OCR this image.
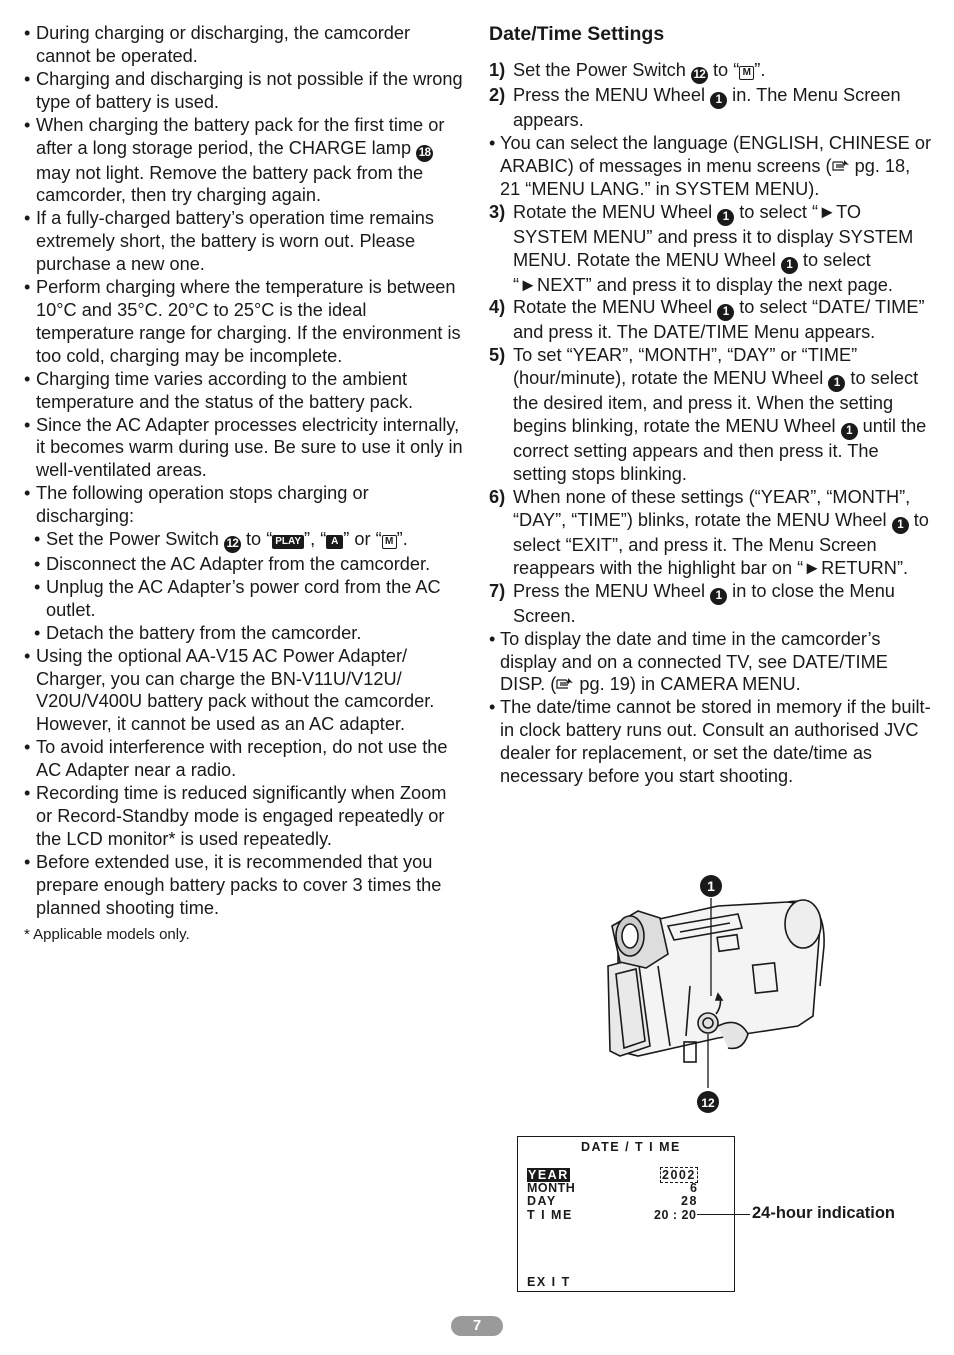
• During charging or discharging, the camcorder cannot be operated.
• Charging and discharging is not possible if the wrong type of battery is used.
• When charging the battery pack for the first time or after a long storage period, the CHARGE lamp 18 may not light. Remove the battery pack from the camcorder, then try charging again.
• If a fully-charged battery’s operation time remains extremely short, the battery is worn out. Please purchase a new one.
• Perform charging where the temperature is between 10°C and 35°C. 20°C to 25°C is the ideal temperature range for charging. If the environment is too cold, charging may be incomplete.
• Charging time varies according to the ambient temperature and the status of the battery pack.
• Since the AC Adapter processes electricity internally, it becomes warm during use. Be sure to use it only in well-ventilated areas.
• The following operation stops charging or discharging:
• Set the Power Switch 12 to “ PLAY ”, “ A ” or “ M ”.
• Disconnect the AC Adapter from the camcorder.
• Unplug the AC Adapter’s power cord from the AC outlet.
• Detach the battery from the camcorder.
• Using the optional AA-V15 AC Power Adapter/ Charger, you can charge the BN-V11U/V12U/ V20U/V400U battery pack without the camcorder. However, it cannot be used as an AC adapter.
• To avoid interference with reception, do not use the AC Adapter near a radio.
• Recording time is reduced significantly when Zoom or Record-Standby mode is engaged repeatedly or the LCD monitor* is used repeatedly.
• Before extended use, it is recommended that you prepare enough battery packs to cover 3 times the planned shooting time.
* Applicable models only.
Date/Time Settings
1) Set the Power Switch 12 to “ M ”.
2) Press the MENU Wheel 1 in. The Menu Screen appears.
• You can select the language (ENGLISH, CHINESE or ARABIC) of messages in menu screens ( pg. 18, 21 “MENU LANG.” in SYSTEM MENU).
3) Rotate the MENU Wheel 1 to select “►TO SYSTEM MENU” and press it to display SYSTEM MENU. Rotate the MENU Wheel 1 to select “►NEXT” and press it to display the next page.
4) Rotate the MENU Wheel 1 to select “DATE/ TIME” and press it. The DATE/TIME Menu appears.
5) To set “YEAR”, “MONTH”, “DAY” or “TIME” (hour/minute), rotate the MENU Wheel 1 to select the desired item, and press it. When the setting begins blinking, rotate the MENU Wheel 1 until the correct setting appears and then press it. The setting stops blinking.
6) When none of these settings (“YEAR”, “MONTH”, “DAY”, “TIME”) blinks, rotate the MENU Wheel 1 to select “EXIT”, and press it. The Menu Screen reappears with the highlight bar on “►RETURN”.
7) Press the MENU Wheel 1 in to close the Menu Screen.
• To display the date and time in the camcorder’s display and on a connected TV, see DATE/TIME DISP. ( pg. 19) in CAMERA MENU.
• The date/time cannot be stored in memory if the built-in clock battery runs out. Consult an authorised JVC dealer for replacement, or set the date/time as necessary before you start shooting.
1
12
DATE / T I ME
YEAR	2002
MONTH	6
DAY	28
T I ME	20 : 20
EX I T
24-hour indication
7
